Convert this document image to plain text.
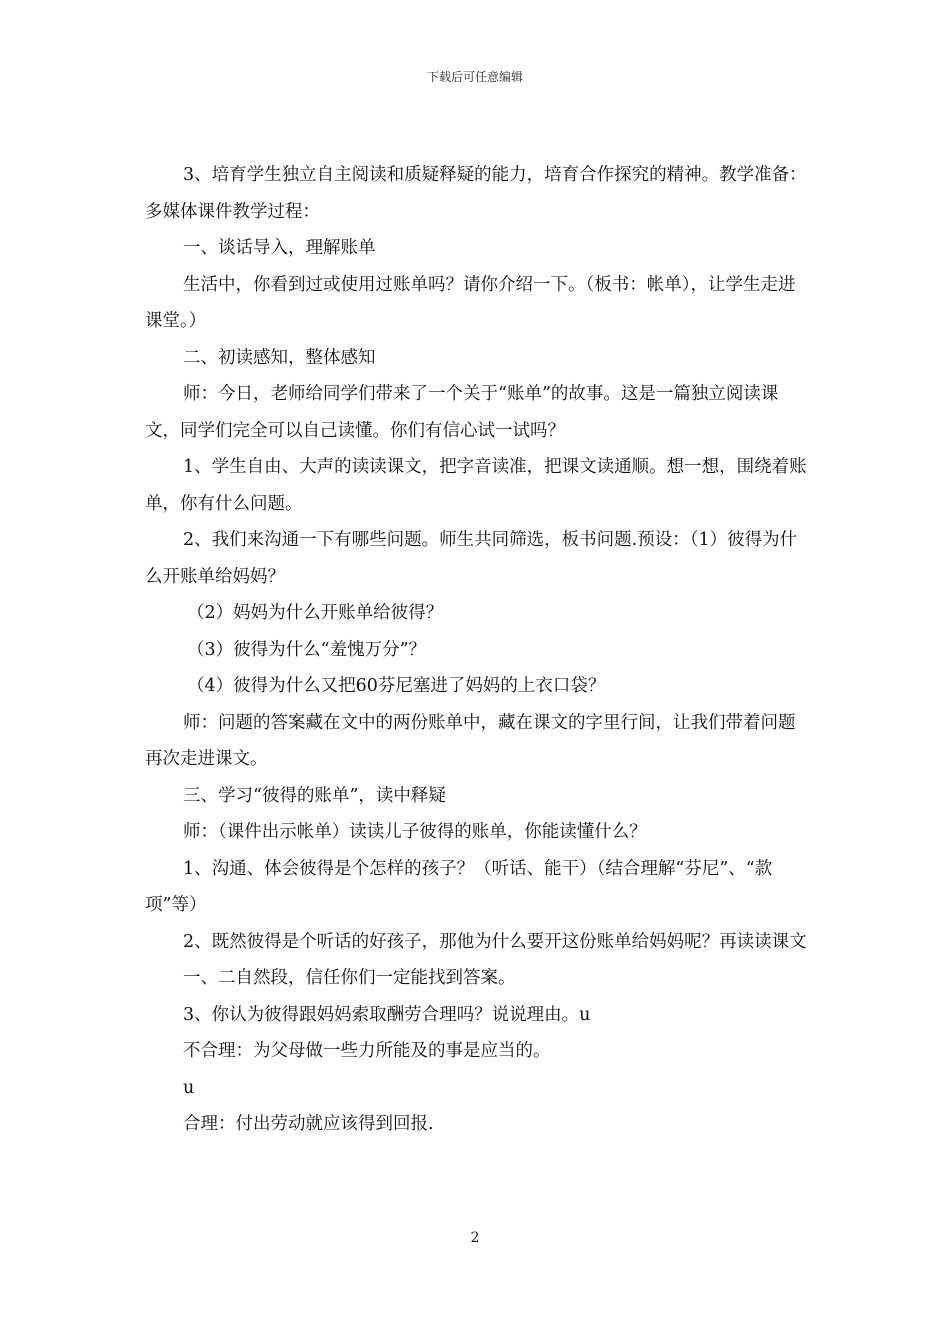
下载后可任意编辑

3、培育学生独立自主阅读和质疑释疑的能力，培育合作探究的精神。教学准备：多媒体课件教学过程：

一、谈话导入，理解账单

生活中，你看到过或使用过账单吗？请你介绍一下。（板书：帐单），让学生走进课堂。）

二、初读感知，整体感知

师：今日，老师给同学们带来了一个关于“账单”的故事。这是一篇独立阅读课文，同学们完全可以自己读懂。你们有信心试一试吗？

1、学生自由、大声的读读课文，把字音读准，把课文读通顺。想一想，围绕着账单，你有什么问题。

2、我们来沟通一下有哪些问题。师生共同筛选，板书问题.预设：（1）彼得为什么开账单给妈妈？

（2）妈妈为什么开账单给彼得？

（3）彼得为什么“羞愧万分”？

（4）彼得为什么又把60芬尼塞进了妈妈的上衣口袋？

师：问题的答案藏在文中的两份账单中，藏在课文的字里行间，让我们带着问题再次走进课文。

三、学习“彼得的账单”，读中释疑

师：（课件出示帐单）读读儿子彼得的账单，你能读懂什么？

1、沟通、体会彼得是个怎样的孩子？（听话、能干）（结合理解“芬尼”、“款项”等）

2、既然彼得是个听话的好孩子，那他为什么要开这份账单给妈妈呢？再读读课文

一、二自然段，信任你们一定能找到答案。

3、你认为彼得跟妈妈索取酬劳合理吗？说说理由。u

不合理：为父母做一些力所能及的事是应当的。

u

合理：付出劳动就应该得到回报.

2
